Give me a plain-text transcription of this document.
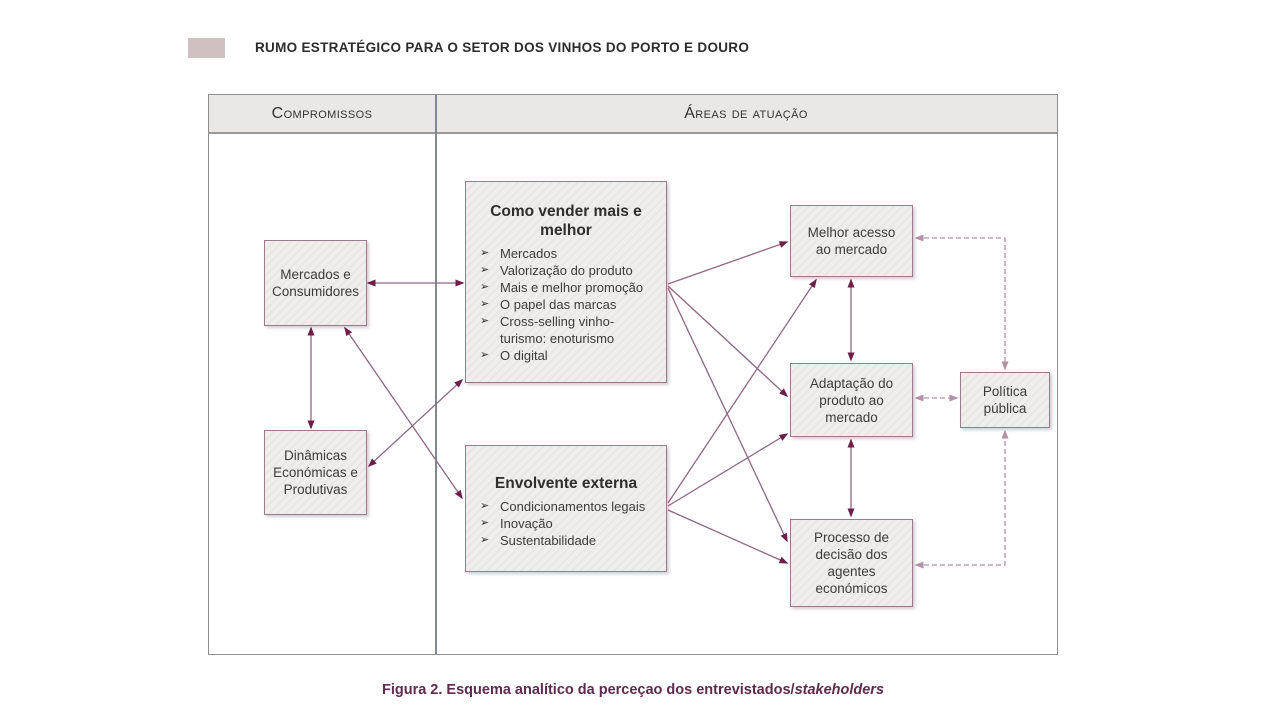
RUMO ESTRATÉGICO PARA O SETOR DOS VINHOS DO PORTO E DOURO
Compromissos	Áreas de atuação
Mercados e Consumidores
Dinâmicas Económicas e Produtivas
Melhor acesso ao mercado
Adaptação do produto ao mercado
Processo de decisão dos agentes económicos
Política pública
Como vender mais e melhor
➢ Mercados
➢ Valorização do produto
➢ Mais e melhor promoção
➢ O papel das marcas
➢ Cross-selling vinho-turismo: enoturismo
➢ O digital
Envolvente externa
➢ Condicionamentos legais
➢ Inovação
➢ Sustentabilidade
Figura 2. Esquema analítico da perceçao dos entrevistados/stakeholders
